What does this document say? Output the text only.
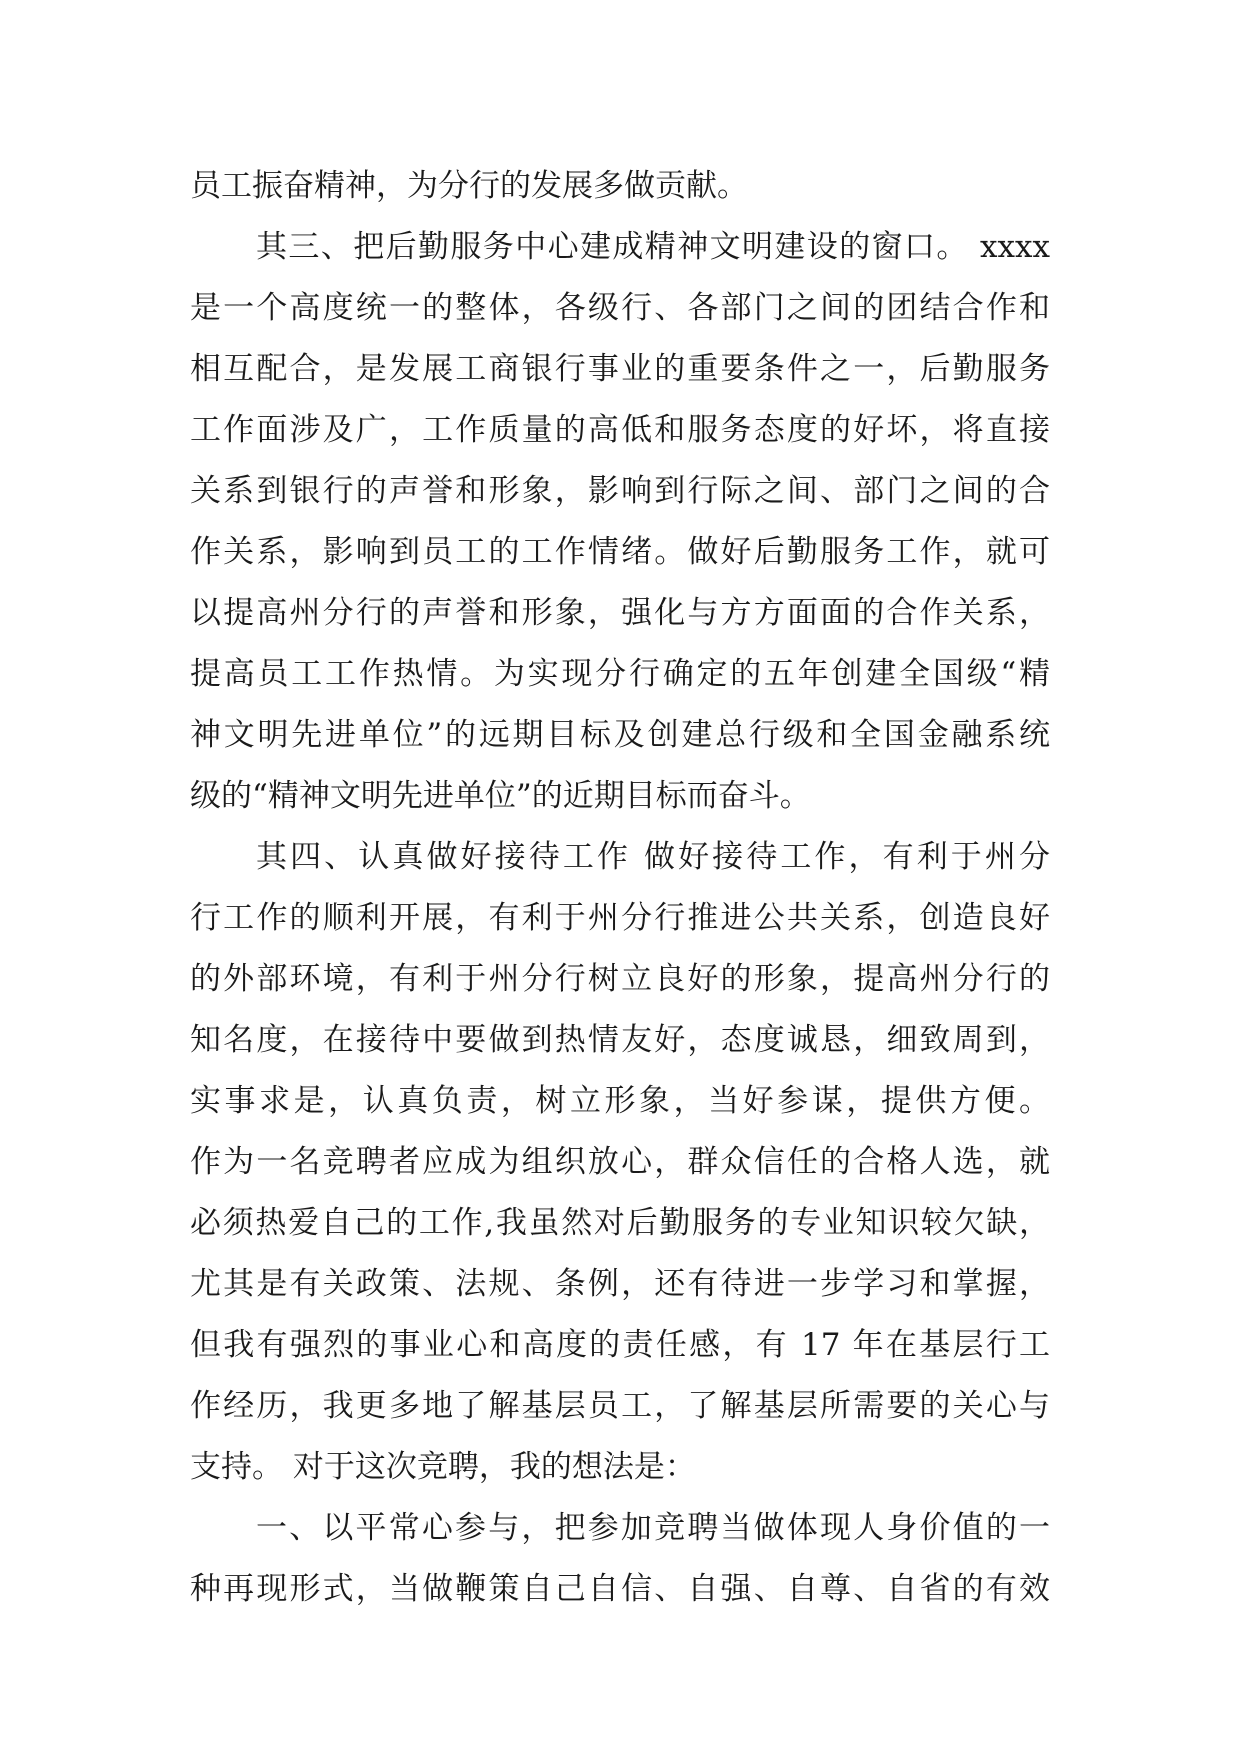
员工振奋精神，为分行的发展多做贡献。
其三、把后勤服务中心建成精神文明建设的窗口。 xxxx
是一个高度统一的整体，各级行、各部门之间的团结合作和
相互配合，是发展工商银行事业的重要条件之一，后勤服务
工作面涉及广，工作质量的高低和服务态度的好坏，将直接
关系到银行的声誉和形象，影响到行际之间、部门之间的合
作关系，影响到员工的工作情绪。做好后勤服务工作，就可
以提高州分行的声誉和形象，强化与方方面面的合作关系，
提高员工工作热情。为实现分行确定的五年创建全国级“精
神文明先进单位”的远期目标及创建总行级和全国金融系统
级的“精神文明先进单位”的近期目标而奋斗。
其四、认真做好接待工作 做好接待工作，有利于州分
行工作的顺利开展，有利于州分行推进公共关系，创造良好
的外部环境，有利于州分行树立良好的形象，提高州分行的
知名度，在接待中要做到热情友好，态度诚恳，细致周到，
实事求是，认真负责，树立形象，当好参谋，提供方便。
作为一名竞聘者应成为组织放心，群众信任的合格人选，就
必须热爱自己的工作,我虽然对后勤服务的专业知识较欠缺，
尤其是有关政策、法规、条例，还有待进一步学习和掌握，
但我有强烈的事业心和高度的责任感，有 17 年在基层行工
作经历，我更多地了解基层员工，了解基层所需要的关心与
支持。 对于这次竞聘，我的想法是：
一、以平常心参与，把参加竞聘当做体现人身价值的一
种再现形式，当做鞭策自己自信、自强、自尊、自省的有效
